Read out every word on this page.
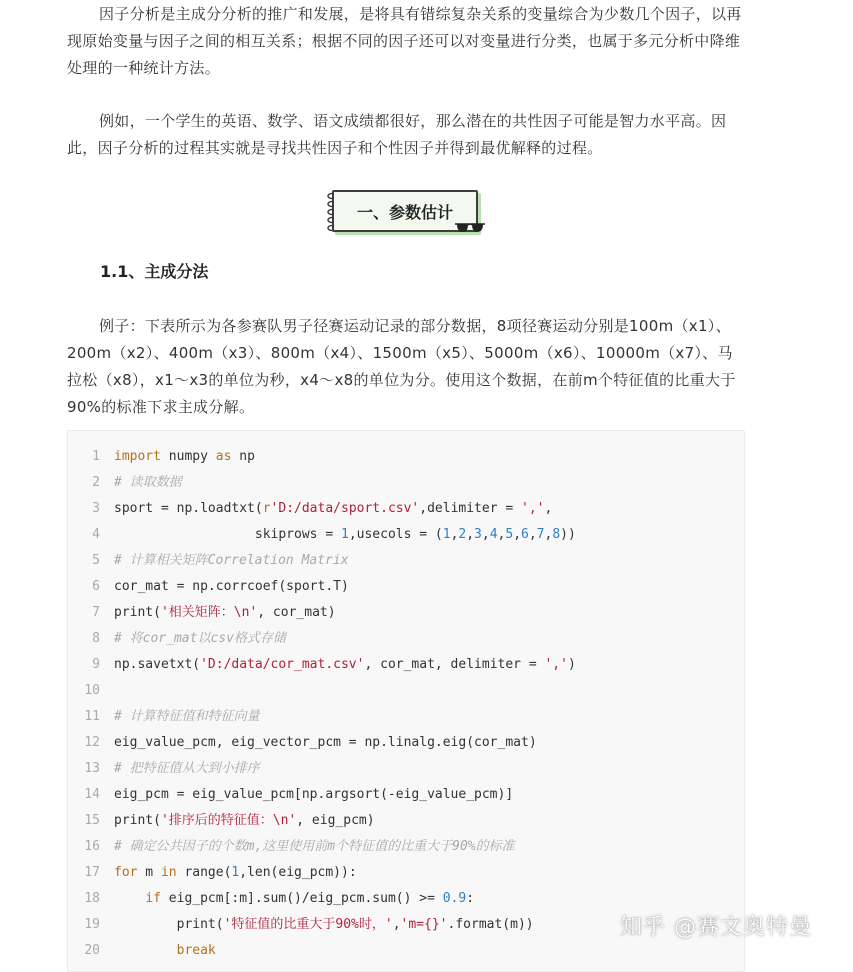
因子分析是主成分分析的推广和发展，是将具有错综复杂关系的变量综合为少数几个因子，以再现原始变量与因子之间的相互关系；根据不同的因子还可以对变量进行分类，也属于多元分析中降维处理的一种统计方法。

例如，一个学生的英语、数学、语文成绩都很好，那么潜在的共性因子可能是智力水平高。因此，因子分析的过程其实就是寻找共性因子和个性因子并得到最优解释的过程。

一、参数估计
1.1、主成分法

例子：下表所示为各参赛队男子径赛运动记录的部分数据，8项径赛运动分别是100m（x1）、200m（x2）、400m（x3）、800m（x4）、1500m（x5）、5000m（x6）、10000m（x7）、马拉松（x8），x1～x3的单位为秒，x4～x8的单位为分。使用这个数据，在前m个特征值的比重大于90%的标准下求主成分解。

1 import numpy as np
2 # 读取数据
3 sport = np.loadtxt(r'D:/data/sport.csv',delimiter = ',',
4 skiprows = 1,usecols = (1,2,3,4,5,6,7,8))
5 # 计算相关矩阵Correlation Matrix
6 cor_mat = np.corrcoef(sport.T)
7 print('相关矩阵：\n', cor_mat)
8 # 将cor_mat以csv格式存储
9 np.savetxt('D:/data/cor_mat.csv', cor_mat, delimiter = ',')
10
11 # 计算特征值和特征向量
12 eig_value_pcm, eig_vector_pcm = np.linalg.eig(cor_mat)
13 # 把特征值从大到小排序
14 eig_pcm = eig_value_pcm[np.argsort(-eig_value_pcm)]
15 print('排序后的特征值：\n', eig_pcm)
16 # 确定公共因子的个数m,这里使用前m个特征值的比重大于90%的标准
17 for m in range(1,len(eig_pcm)):
18	if eig_pcm[:m].sum()/eig_pcm.sum() >= 0.9:
19 print('特征值的比重大于90%时，','m={}'.format(m))
20	break
知乎 @赛文奥特曼
